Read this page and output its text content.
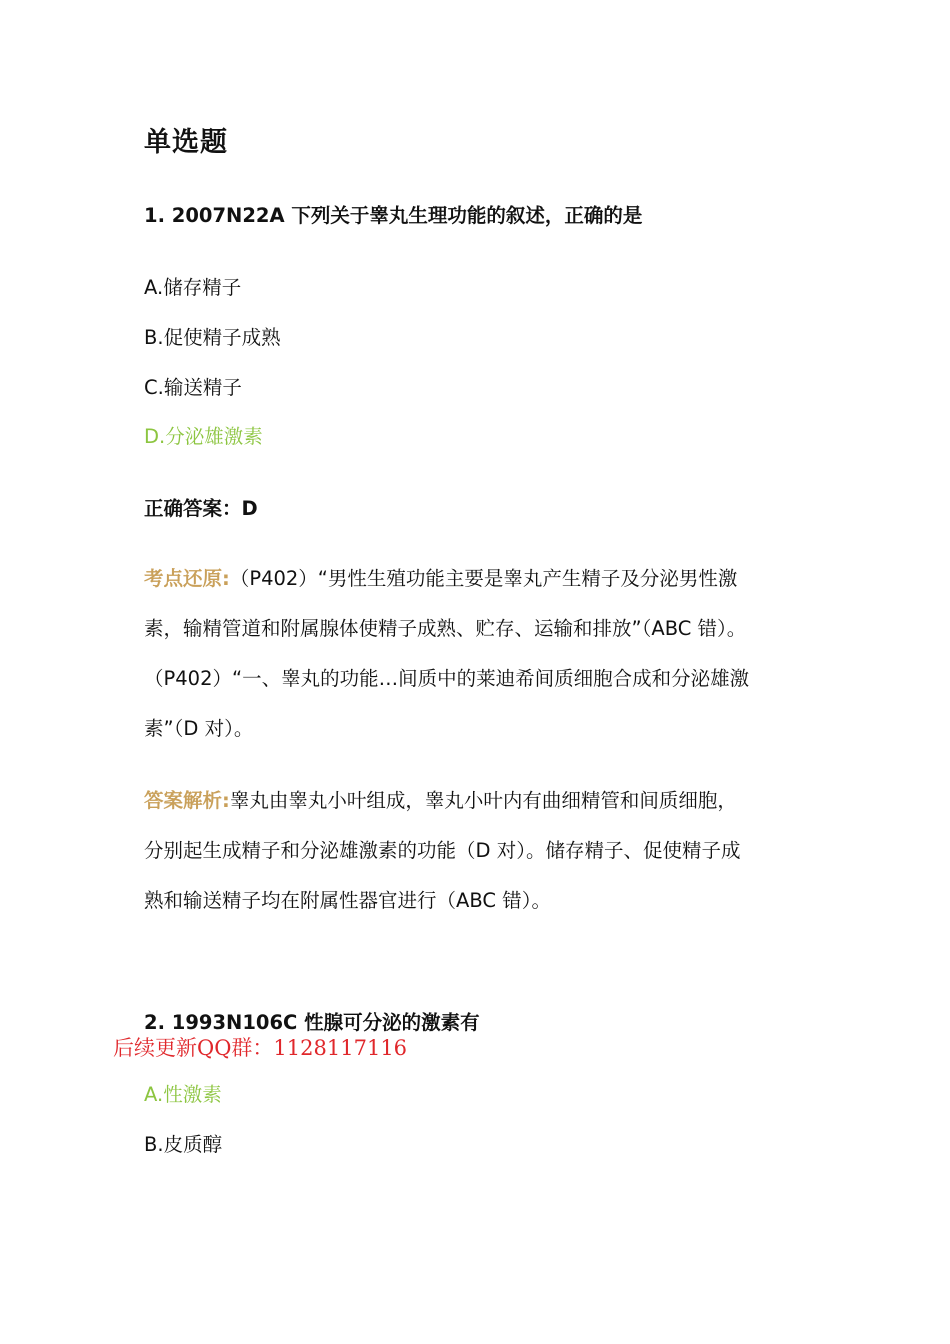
单选题

1. 2007N22A 下列关于睾丸生理功能的叙述，正确的是

A.储存精子

B.促使精子成熟

C.输送精子

D.分泌雄激素

正确答案：D

考点还原:（P402）“男性生殖功能主要是睾丸产生精子及分泌男性激
素，输精管道和附属腺体使精子成熟、贮存、运输和排放”（ABC 错）。
（P402）“一、睾丸的功能…间质中的莱迪希间质细胞合成和分泌雄激
素”（D 对）。
答案解析:睾丸由睾丸小叶组成，睾丸小叶内有曲细精管和间质细胞，
分别起生成精子和分泌雄激素的功能（D 对）。储存精子、促使精子成
熟和输送精子均在附属性器官进行（ABC 错）。

2. 1993N106C 性腺可分泌的激素有

后续更新QQ群：1128117116

A.性激素

B.皮质醇
